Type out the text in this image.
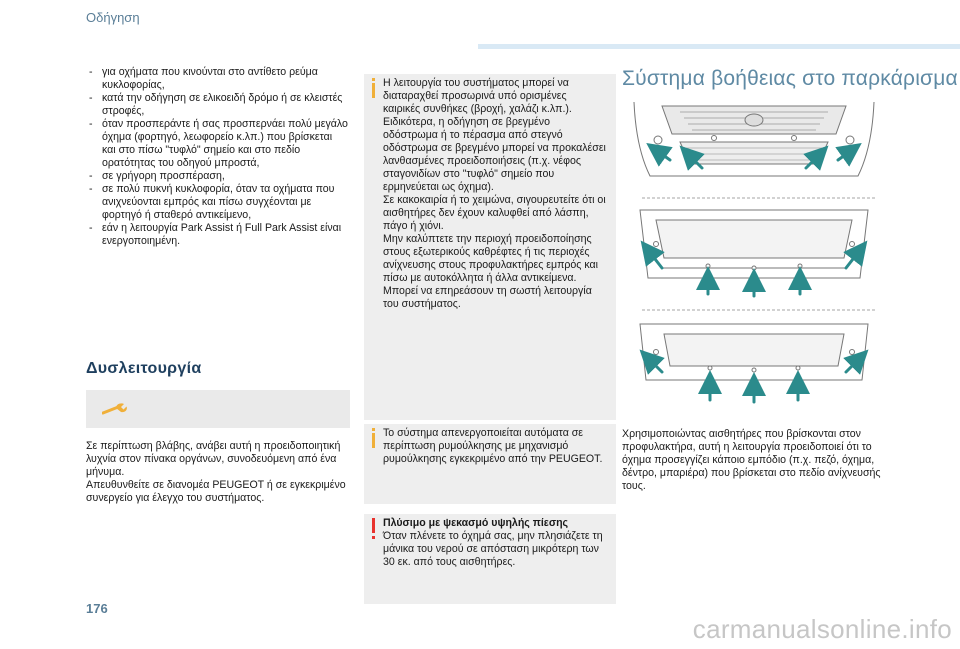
Οδήγηση
- για οχήματα που κινούνται στο αντίθετο ρεύμα κυκλοφορίας,
- κατά την οδήγηση σε ελικοειδή δρόμο ή σε κλειστές στροφές,
- όταν προσπεράντε ή σας προσπερνάει πολύ μεγάλο όχημα (φορτηγό, λεωφορείο κ.λπ.) που βρίσκεται και στο πίσω "τυφλό" σημείο και στο πεδίο ορατότητας του οδηγού μπροστά,
- σε γρήγορη προσπέραση,
- σε πολύ πυκνή κυκλοφορία, όταν τα οχήματα που ανιχνεύονται εμπρός και πίσω συγχέονται με φορτηγό ή σταθερό αντικείμενο,
- εάν η λειτουργία Park Assist ή Full Park Assist είναι ενεργοποιημένη.
Δυσλειτουργία
Σε περίπτωση βλάβης, ανάβει αυτή η προειδοποιητική λυχνία στον πίνακα οργάνων, συνοδευόμενη από ένα μήνυμα.
Απευθυνθείτε σε διανομέα PEUGEOT ή σε εγκεκριμένο συνεργείο για έλεγχο του συστήματος.
Η λειτουργία του συστήματος μπορεί να διαταραχθεί προσωρινά υπό ορισμένες καιρικές συνθήκες (βροχή, χαλάζι κ.λπ.).
Ειδικότερα, η οδήγηση σε βρεγμένο οδόστρωμα ή το πέρασμα από στεγνό οδόστρωμα σε βρεγμένο μπορεί να προκαλέσει λανθασμένες προειδοποιήσεις (π.χ. νέφος σταγονιδίων στο "τυφλό" σημείο που ερμηνεύεται ως όχημα).
Σε κακοκαιρία ή το χειμώνα, σιγουρευτείτε ότι οι αισθητήρες δεν έχουν καλυφθεί από λάσπη, πάγο ή χιόνι.
Μην καλύπτετε την περιοχή προειδοποίησης στους εξωτερικούς καθρέφτες ή τις περιοχές ανίχνευσης στους προφυλακτήρες εμπρός και πίσω με αυτοκόλλητα ή άλλα αντικείμενα.
Μπορεί να επηρεάσουν τη σωστή λειτουργία του συστήματος.
Το σύστημα απενεργοποιείται αυτόματα σε περίπτωση ρυμούλκησης με μηχανισμό ρυμούλκησης εγκεκριμένο από την PEUGEOT.
Πλύσιμο με ψεκασμό υψηλής πίεσης
Όταν πλένετε το όχημά σας, μην πλησιάζετε τη μάνικα του νερού σε απόσταση μικρότερη των 30 εκ. από τους αισθητήρες.
Σύστημα βοήθειας στο παρκάρισμα
Χρησιμοποιώντας αισθητήρες που βρίσκονται στον προφυλακτήρα, αυτή η λειτουργία προειδοποιεί ότι το όχημα προσεγγίζει κάποιο εμπόδιο (π.χ. πεζό, όχημα, δέντρο, μπαριέρα) που βρίσκεται στο πεδίο ανίχνευσής τους.
176
carmanualsonline.info
